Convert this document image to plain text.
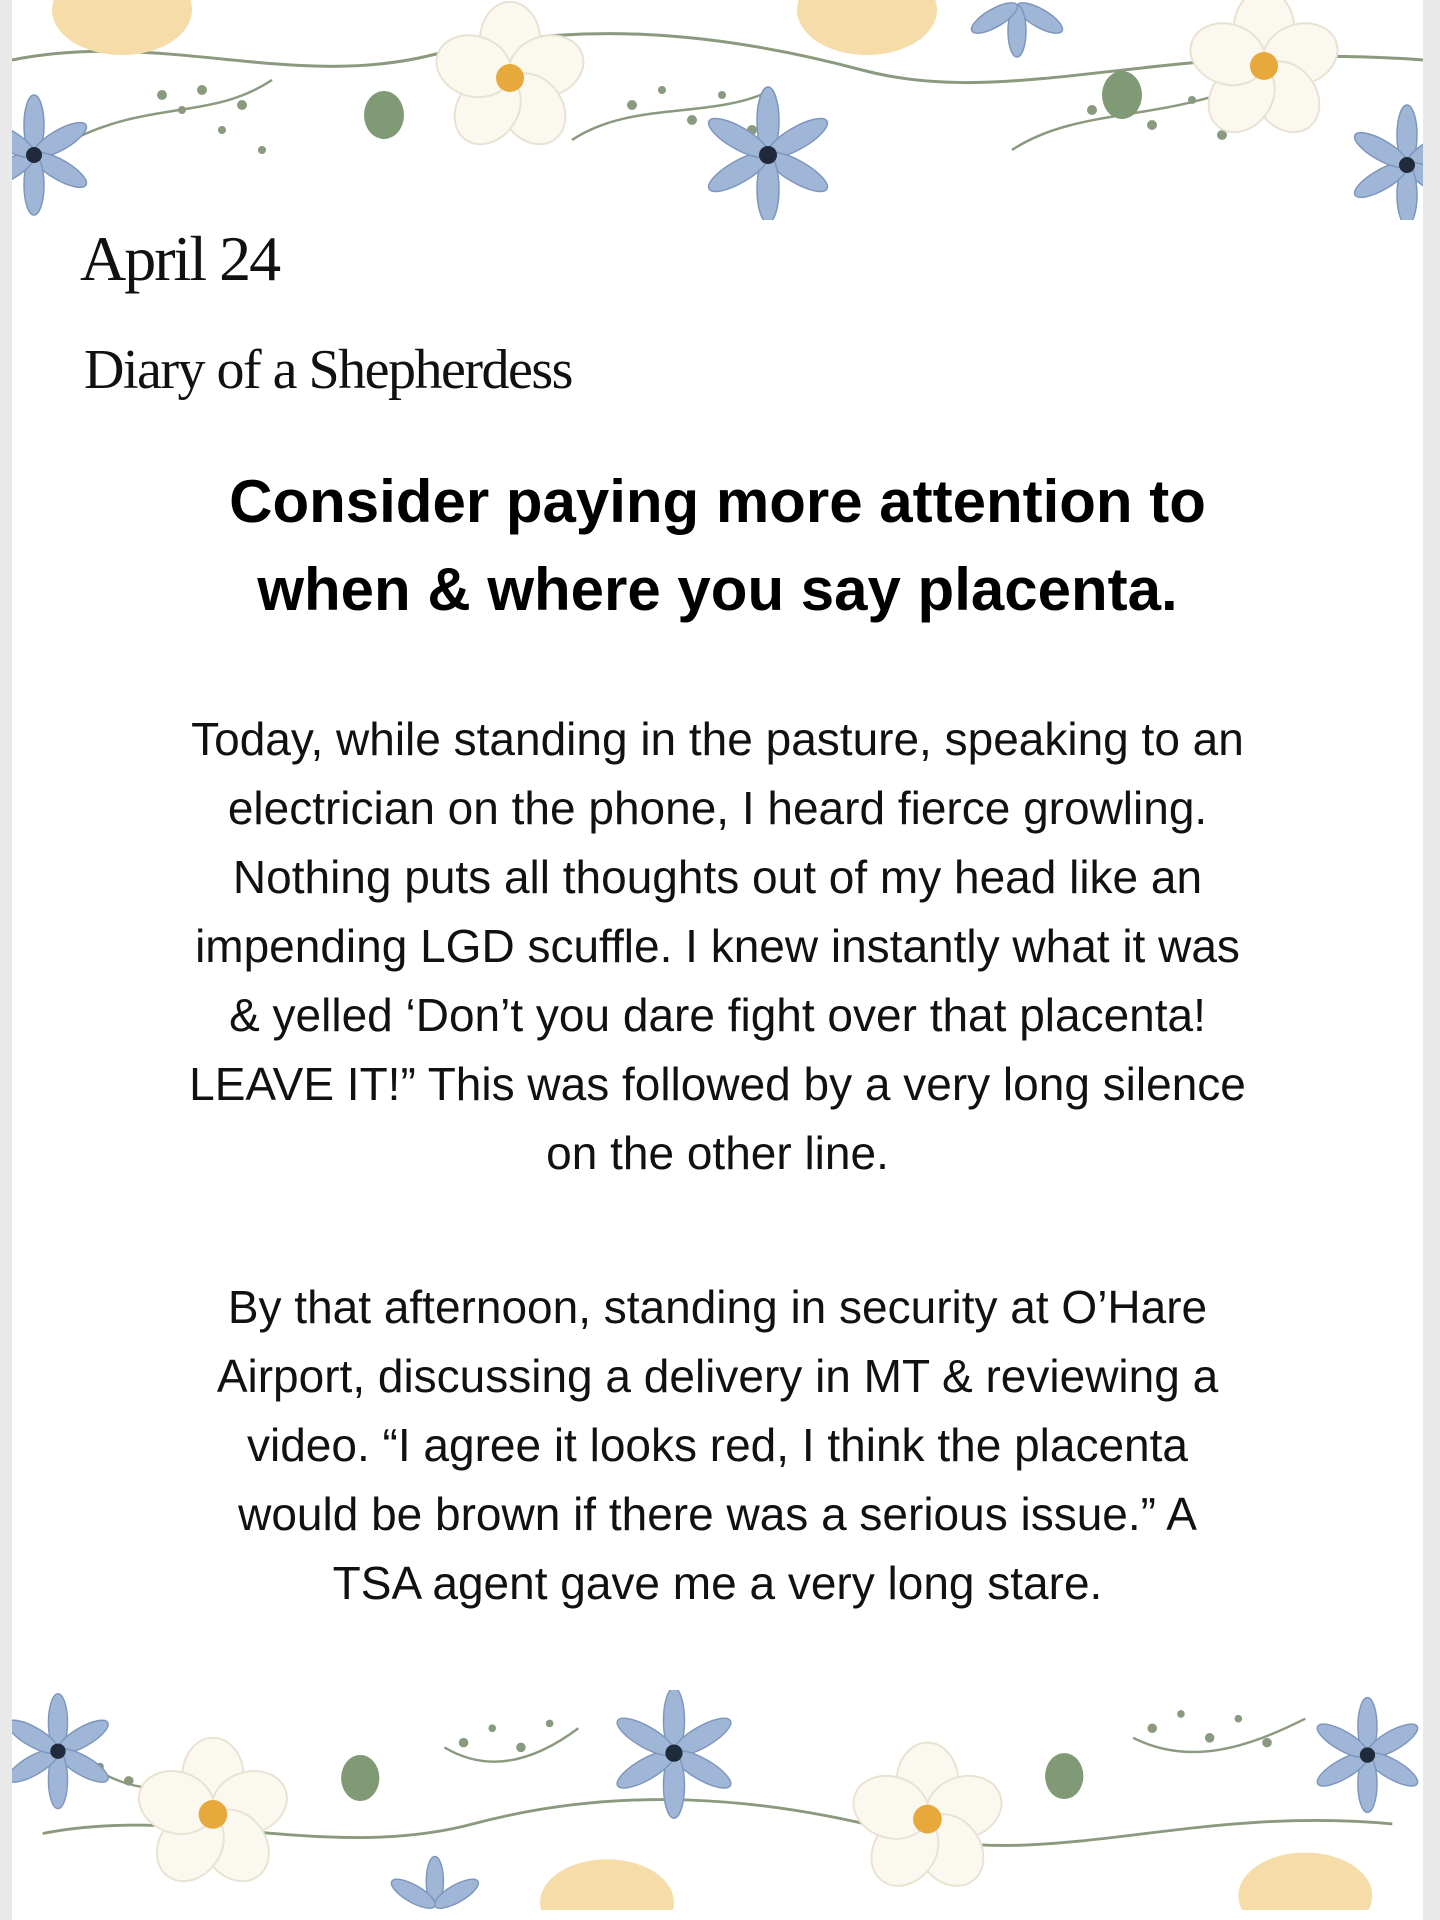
April 24
Diary of a Shepherdess
Consider paying more attention to
when & where you say placenta.
Today, while standing in the pasture, speaking to an
electrician on the phone, I heard fierce growling.
Nothing puts all thoughts out of my head like an
impending LGD scuffle. I knew instantly what it was
& yelled ‘Don’t you dare fight over that placenta!
LEAVE IT!” This was followed by a very long silence
on the other line.
By that afternoon, standing in security at O’Hare
Airport, discussing a delivery in MT & reviewing a
video. “I agree it looks red, I think the placenta
would be brown if there was a serious issue.” A
TSA agent gave me a very long stare.
